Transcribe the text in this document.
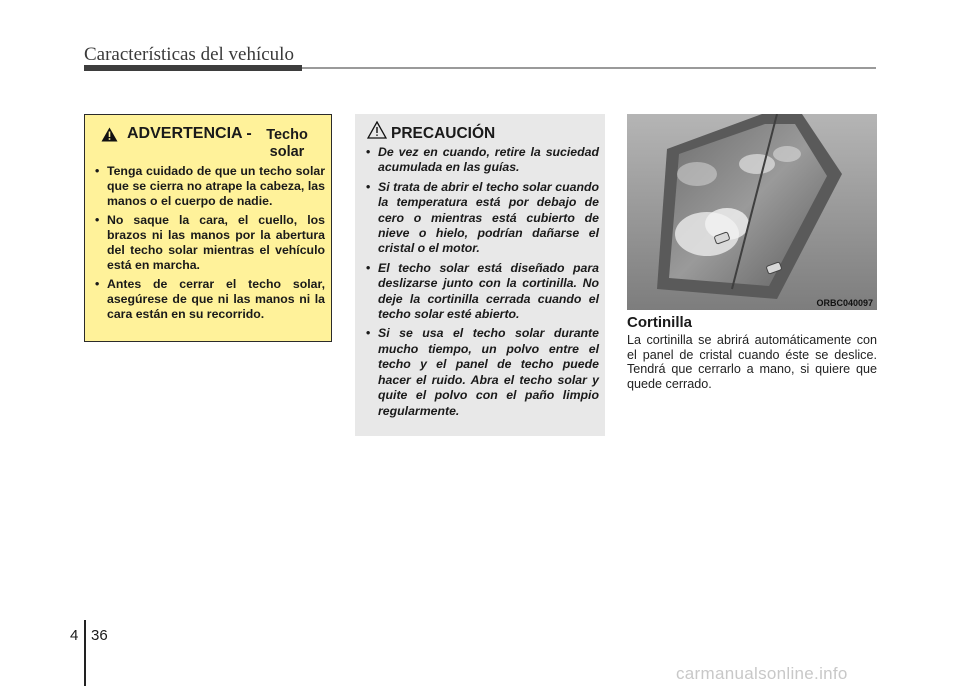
Características del vehículo
ADVERTENCIA - Techo solar
• Tenga cuidado de que un techo solar que se cierra no atrape la cabeza, las manos o el cuerpo de nadie.
• No saque la cara, el cuello, los brazos ni las manos por la abertura del techo solar mientras el vehículo está en marcha.
• Antes de cerrar el techo solar, asegúrese de que ni las manos ni la cara están en su recorrido.
PRECAUCIÓN
• De vez en cuando, retire la suciedad acumulada en las guías.
• Si trata de abrir el techo solar cuando la temperatura está por debajo de cero o mientras está cubierto de nieve o hielo, podrían dañarse el cristal o el motor.
• El techo solar está diseñado para deslizarse junto con la cortinilla. No deje la cortinilla cerrada cuando el techo solar esté abierto.
• Si se usa el techo solar durante mucho tiempo, un polvo entre el techo y el panel de techo puede hacer el ruido. Abra el techo solar y quite el polvo con el paño limpio regularmente.
ORBC040097
Cortinilla
La cortinilla se abrirá automáticamente con el panel de cristal cuando éste se deslice. Tendrá que cerrarlo a mano, si quiere que quede cerrado.
4 36
carmanualsonline.info
